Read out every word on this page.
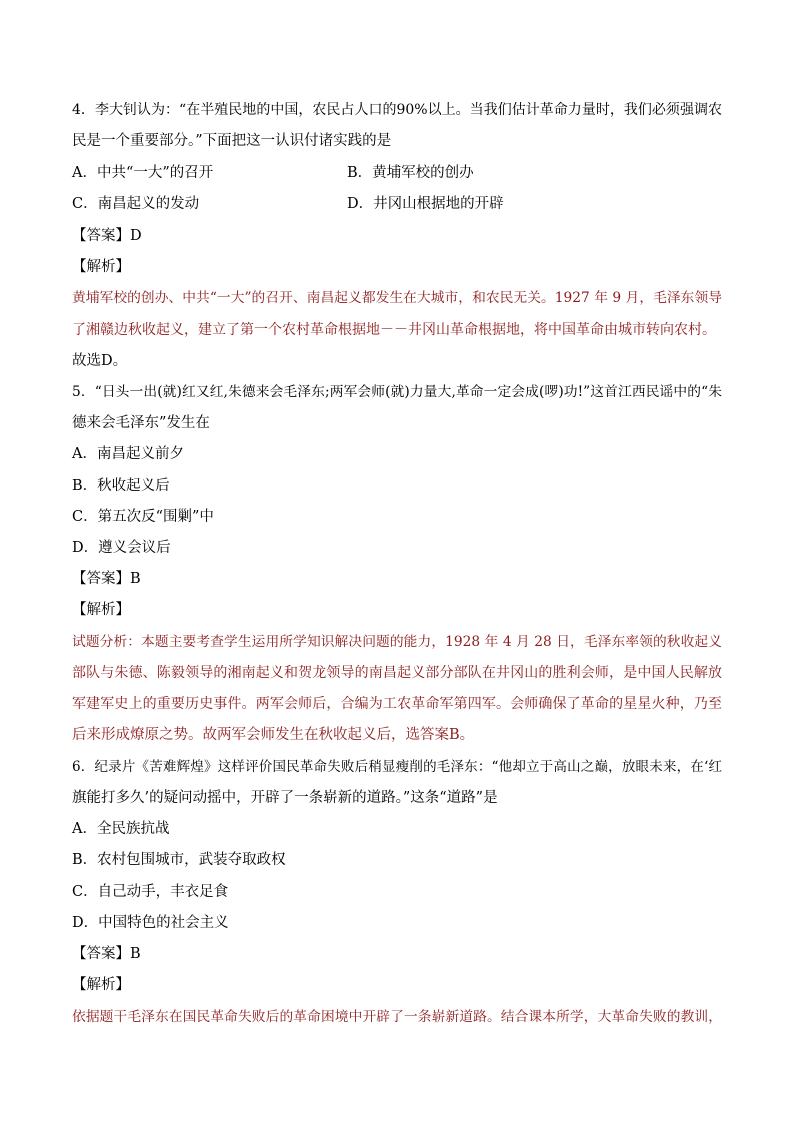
4．李大钊认为：“在半殖民地的中国，农民占人口的90%以上。当我们估计革命力量时，我们必须强调农
民是一个重要部分。”下面把这一认识付诸实践的是
A．中共“一大”的召开	B．黄埔军校的创办
C．南昌起义的发动	D．井冈山根据地的开辟
【答案】D
【解析】
黄埔军校的创办、中共“一大”的召开、南昌起义都发生在大城市，和农民无关。1927 年 9 月，毛泽东领导
了湘赣边秋收起义，建立了第一个农村革命根据地－－井冈山革命根据地，将中国革命由城市转向农村。
故选D。
5．“日头一出(就)红又红,朱德来会毛泽东;两军会师(就)力量大,革命一定会成(啰)功!”这首江西民谣中的“朱
德来会毛泽东”发生在
A．南昌起义前夕
B．秋收起义后
C．第五次反“围剿”中
D．遵义会议后
【答案】B
【解析】
试题分析：本题主要考查学生运用所学知识解决问题的能力，1928 年 4 月 28 日，毛泽东率领的秋收起义
部队与朱德、陈毅领导的湘南起义和贺龙领导的南昌起义部分部队在井冈山的胜利会师，是中国人民解放
军建军史上的重要历史事件。两军会师后，合编为工农革命军第四军。会师确保了革命的星星火种，乃至
后来形成燎原之势。故两军会师发生在秋收起义后，选答案B。
6．纪录片《苦难辉煌》这样评价国民革命失败后稍显瘦削的毛泽东：“他却立于高山之巅，放眼未来，在‘红
旗能打多久’的疑问动摇中，开辟了一条崭新的道路。”这条“道路”是
A．全民族抗战
B．农村包围城市，武装夺取政权
C．自己动手，丰衣足食
D．中国特色的社会主义
【答案】B
【解析】
依据题干毛泽东在国民革命失败后的革命困境中开辟了一条崭新道路。结合课本所学，大革命失败的教训，
